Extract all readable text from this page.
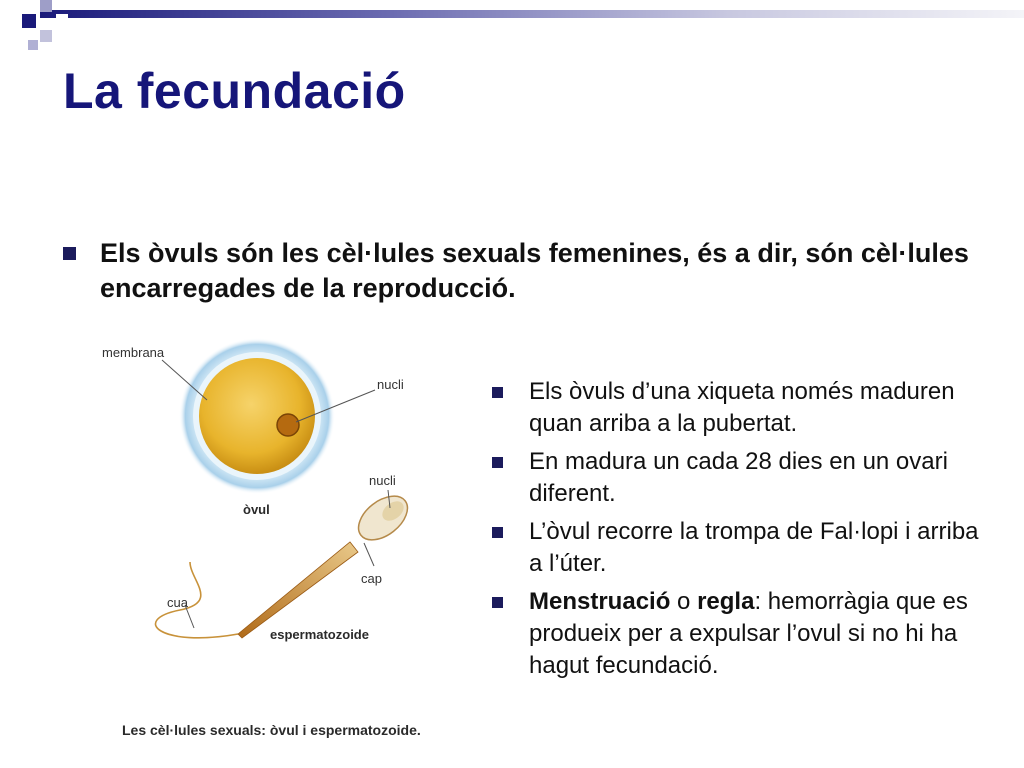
La fecundació
Els òvuls són les cèl·lules sexuals femenines, és a dir, són cèl·lules encarregades de la reproducció.
membrana
nucli
òvul
nucli
cap
cua
espermatozoide
Les cèl·lules sexuals: òvul i espermatozoide.
Els òvuls d’una xiqueta només maduren quan arriba a la pubertat.
En madura un cada 28 dies en un ovari diferent.
L’òvul recorre la trompa de Fal·lopi i arriba a l’úter.
Menstruació o regla: hemorràgia que es produeix per a expulsar l’ovul si no hi ha hagut fecundació.
